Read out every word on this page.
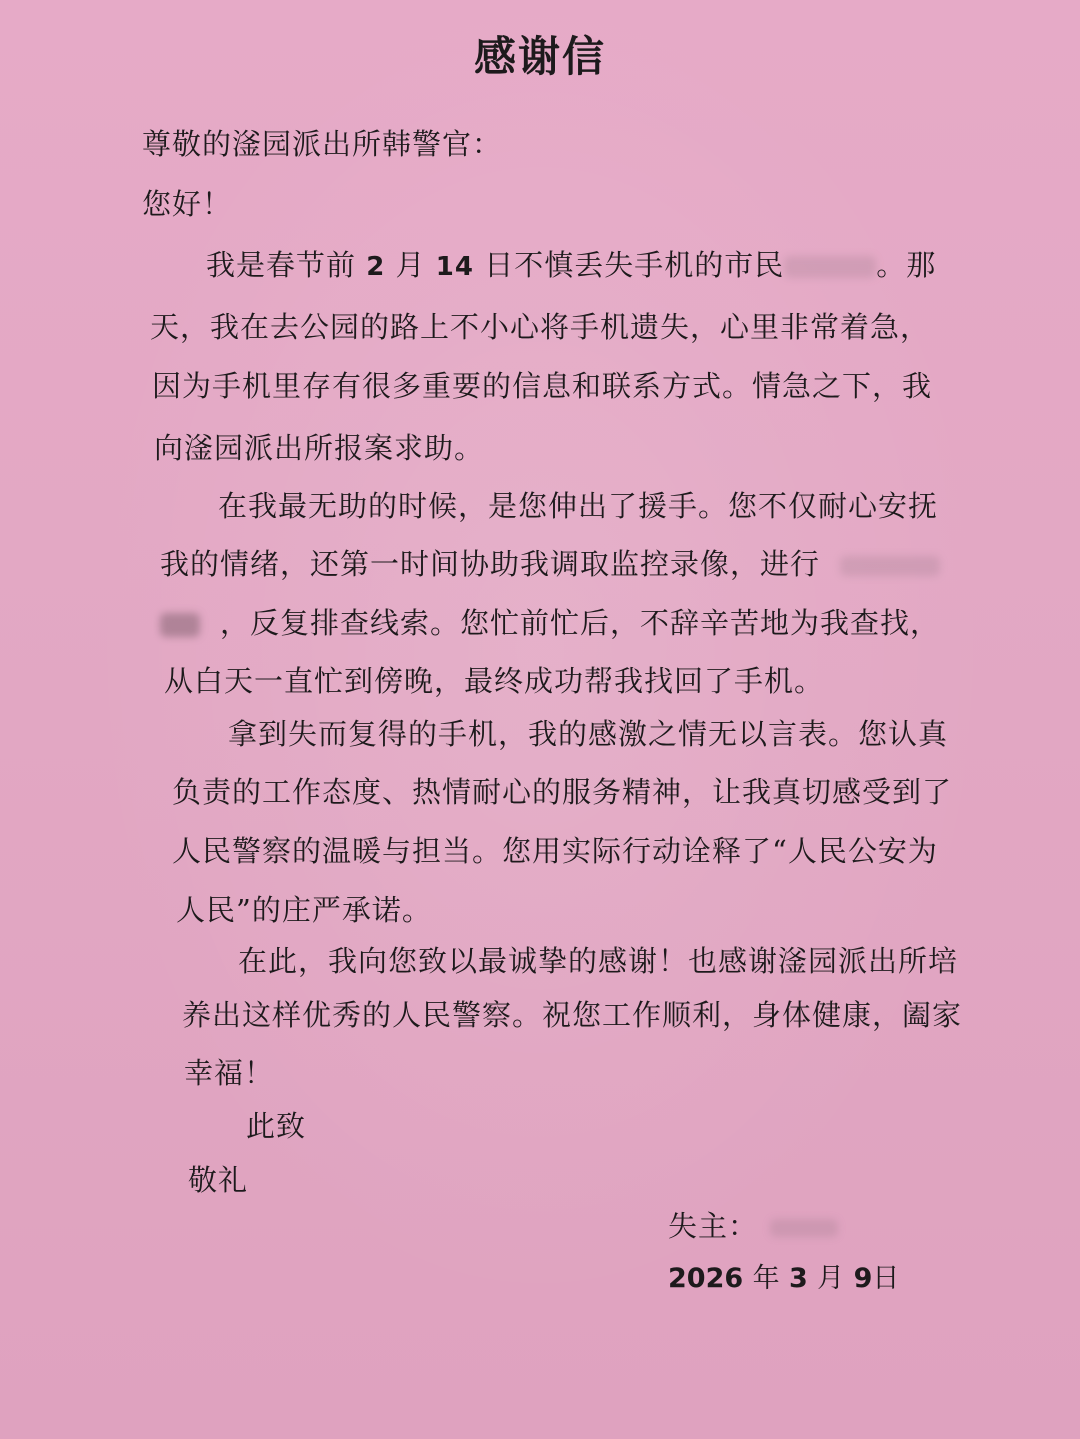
感谢信
尊敬的滏园派出所韩警官：
您好！
我是春节前 2 月 14 日不慎丢失手机的市民	。那
天，我在去公园的路上不小心将手机遗失，心里非常着急，
因为手机里存有很多重要的信息和联系方式。情急之下，我
向滏园派出所报案求助。
在我最无助的时候，是您伸出了援手。您不仅耐心安抚
我的情绪，还第一时间协助我调取监控录像，进行
，反复排查线索。您忙前忙后，不辞辛苦地为我查找，
从白天一直忙到傍晚，最终成功帮我找回了手机。
拿到失而复得的手机，我的感激之情无以言表。您认真
负责的工作态度、热情耐心的服务精神，让我真切感受到了
人民警察的温暖与担当。您用实际行动诠释了“人民公安为
人民”的庄严承诺。
在此，我向您致以最诚挚的感谢！也感谢滏园派出所培
养出这样优秀的人民警察。祝您工作顺利，身体健康，阖家
幸福！
此致
敬礼
失主：
2026 年 3 月 9日
